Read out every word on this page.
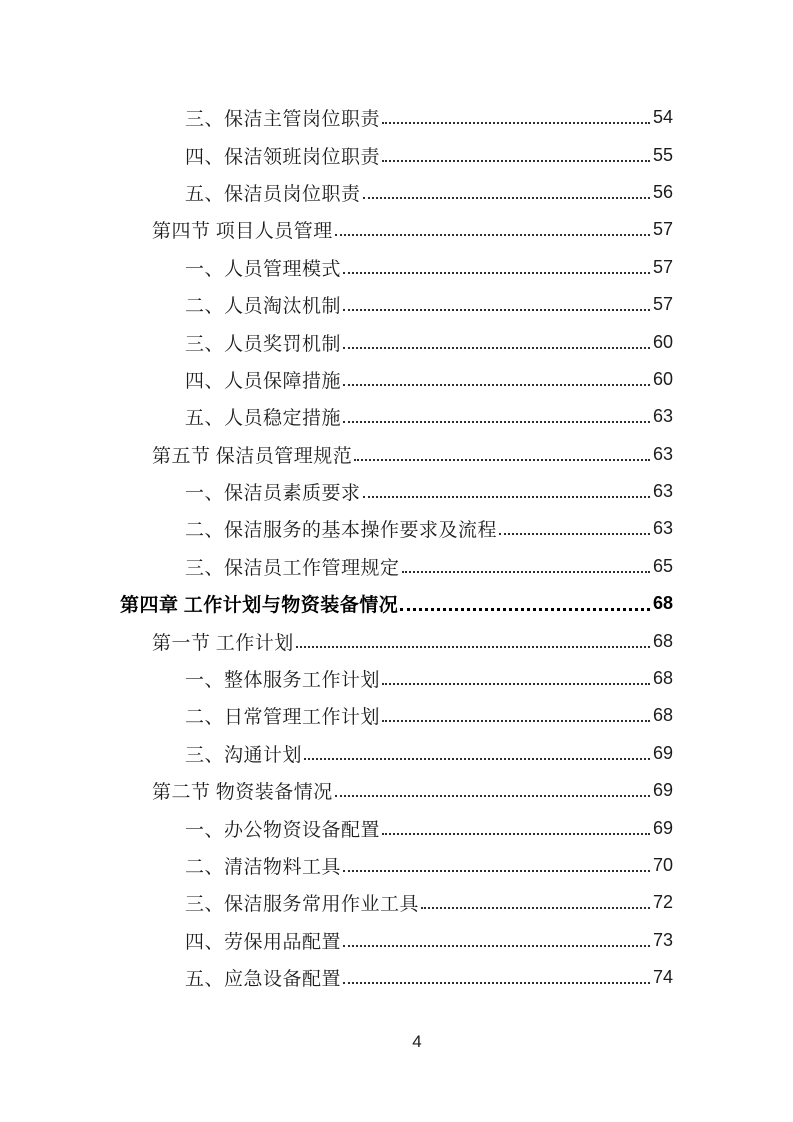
三、保洁主管岗位职责	54
四、保洁领班岗位职责	55
五、保洁员岗位职责	56
第四节 项目人员管理	57
一、人员管理模式	57
二、人员淘汰机制	57
三、人员奖罚机制	60
四、人员保障措施	60
五、人员稳定措施	63
第五节 保洁员管理规范	63
一、保洁员素质要求	63
二、保洁服务的基本操作要求及流程	63
三、保洁员工作管理规定	65
第四章 工作计划与物资装备情况	68
第一节 工作计划	68
一、整体服务工作计划	68
二、日常管理工作计划	68
三、沟通计划	69
第二节 物资装备情况	69
一、办公物资设备配置	69
二、清洁物料工具	70
三、保洁服务常用作业工具	72
四、劳保用品配置	73
五、应急设备配置	74
4
